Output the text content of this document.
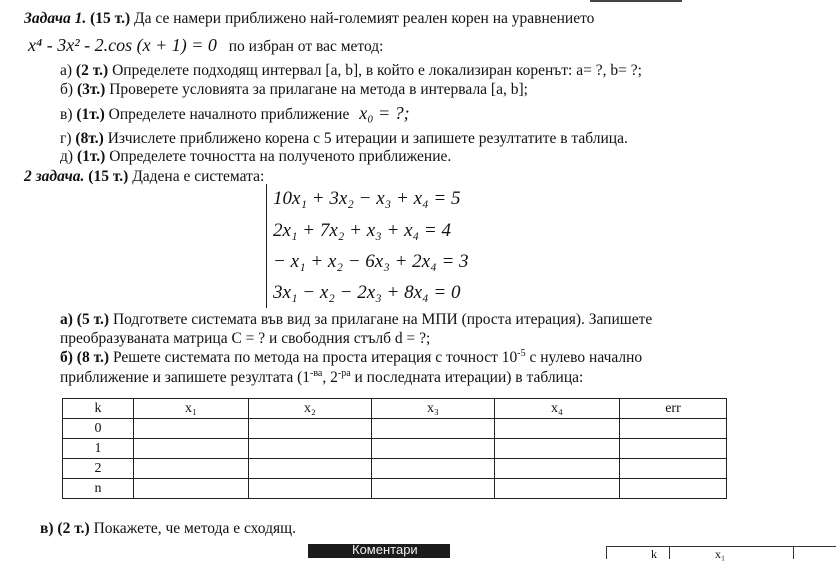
Задача 1. (15 т.) Да се намери приближено най-големият реален корен на уравнението
x⁴ - 3x² - 2.cos (x + 1) = 0 по избран от вас метод:
а) (2 т.) Определете подходящ интервал [a, b], в който е локализиран коренът: a= ?, b= ?;
б) (3т.) Проверете условията за прилагане на метода в интервала [a, b];
в) (1т.) Определете началното приближение x₀ = ?;
г) (8т.) Изчислете приближено корена с 5 итерации и запишете резултатите в таблица.
д) (1т.) Определете точността на полученото приближение.
2 задача. (15 т.) Дадена е системата:
10x₁ + 3x₂ − x₃ + x₄ = 5
2x₁ + 7x₂ + x₃ + x₄ = 4
− x₁ + x₂ − 6x₃ + 2x₄ = 3
3x₁ − x₂ − 2x₃ + 8x₄ = 0
а) (5 т.) Подгответе системата във вид за прилагане на МПИ (проста итерация). Запишете
преобразуваната матрица C = ? и свободния стълб d = ?;
б) (8 т.) Решете системата по метода на проста итерация с точност $10^{-5}$ с нулево начално
приближение и запишете резултата ($1^{-ва}$, $2^{-ра}$ и последната итерации) в таблица:
k	x₁	x₂	x₃	x₄	err
0					
1					
2					
n					
в) (2 т.) Покажете, че метода е сходящ.
Коментари	k	x₁
